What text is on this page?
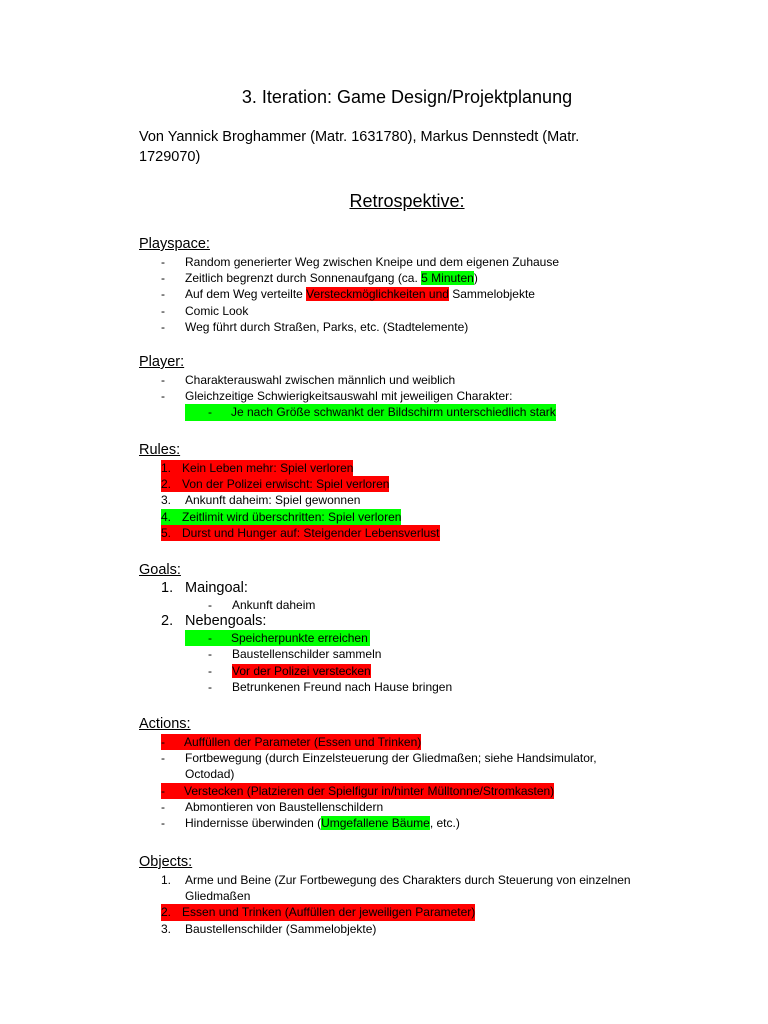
3. Iteration: Game Design/Projektplanung
Von Yannick Broghammer (Matr. 1631780), Markus Dennstedt (Matr. 1729070)
Retrospektive:
Playspace:
- Random generierter Weg zwischen Kneipe und dem eigenen Zuhause
- Zeitlich begrenzt durch Sonnenaufgang (ca. 5 Minuten)
- Auf dem Weg verteilte Versteckmöglichkeiten und Sammelobjekte
- Comic Look
- Weg führt durch Straßen, Parks, etc. (Stadtelemente)
Player:
- Charakterauswahl zwischen männlich und weiblich
- Gleichzeitige Schwierigkeitsauswahl mit jeweiligen Charakter:
- Je nach Größe schwankt der Bildschirm unterschiedlich stark
Rules:
1. Kein Leben mehr: Spiel verloren
2. Von der Polizei erwischt: Spiel verloren
3. Ankunft daheim: Spiel gewonnen
4. Zeitlimit wird überschritten: Spiel verloren
5. Durst und Hunger auf: Steigender Lebensverlust
Goals:
1. Maingoal:
- Ankunft daheim
2. Nebengoals:
- Speicherpunkte erreichen
- Baustellenschilder sammeln
- Vor der Polizei verstecken
- Betrunkenen Freund nach Hause bringen
Actions:
- Auffüllen der Parameter (Essen und Trinken)
- Fortbewegung (durch Einzelsteuerung der Gliedmaßen; siehe Handsimulator, Octodad)
- Verstecken (Platzieren der Spielfigur in/hinter Mülltonne/Stromkasten)
- Abmontieren von Baustellenschildern
- Hindernisse überwinden (Umgefallene Bäume, etc.)
Objects:
1. Arme und Beine (Zur Fortbewegung des Charakters durch Steuerung von einzelnen Gliedmaßen
2. Essen und Trinken (Auffüllen der jeweiligen Parameter)
3. Baustellenschilder (Sammelobjekte)
